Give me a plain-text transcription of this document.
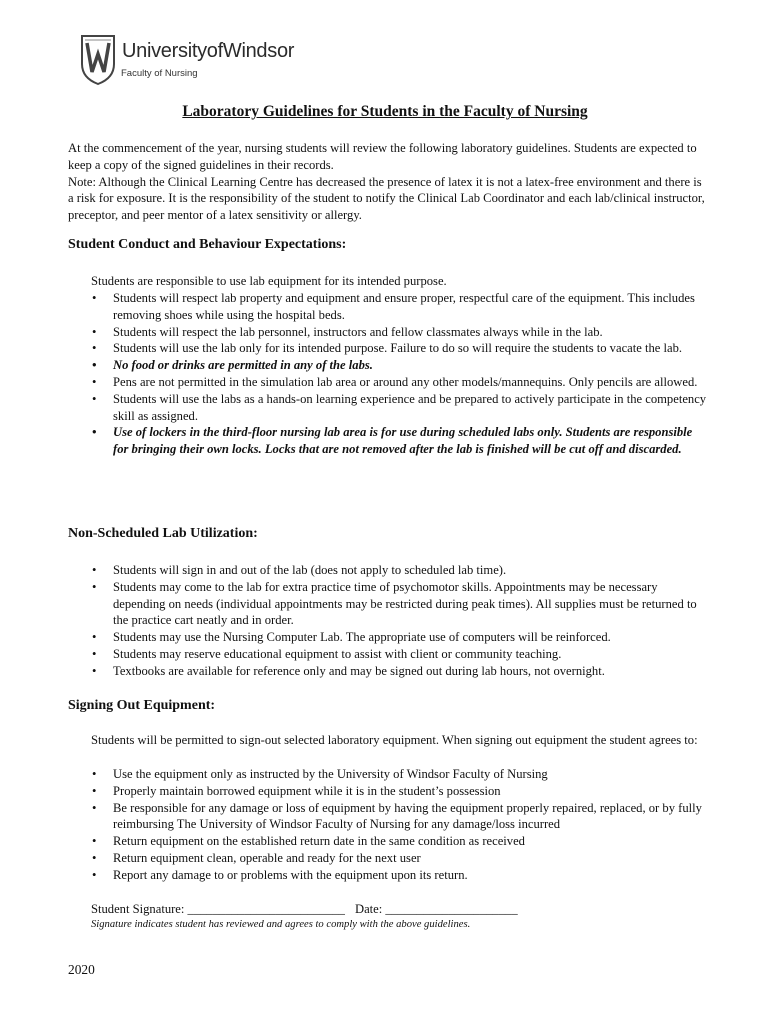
UniversityofWindsor
Faculty of Nursing
Laboratory Guidelines for Students in the Faculty of Nursing

At the commencement of the year, nursing students will review the following laboratory guidelines. Students are expected to keep a copy of the signed guidelines in their records.
Note: Although the Clinical Learning Centre has decreased the presence of latex it is not a latex-free environment and there is a risk for exposure. It is the responsibility of the student to notify the Clinical Lab Coordinator and each lab/clinical instructor, preceptor, and peer mentor of a latex sensitivity or allergy.

Student Conduct and Behaviour Expectations:

Students are responsible to use lab equipment for its intended purpose.

• Students will respect lab property and equipment and ensure proper, respectful care of the equipment. This includes removing shoes while using the hospital beds.
• Students will respect the lab personnel, instructors and fellow classmates always while in the lab.
• Students will use the lab only for its intended purpose. Failure to do so will require the students to vacate the lab.
• No food or drinks are permitted in any of the labs.
• Pens are not permitted in the simulation lab area or around any other models/mannequins. Only pencils are allowed.
• Students will use the labs as a hands-on learning experience and be prepared to actively participate in the competency skill as assigned.
• Use of lockers in the third-floor nursing lab area is for use during scheduled labs only. Students are responsible for bringing their own locks. Locks that are not removed after the lab is finished will be cut off and discarded.
Non-Scheduled Lab Utilization:
• Students will sign in and out of the lab (does not apply to scheduled lab time).
• Students may come to the lab for extra practice time of psychomotor skills. Appointments may be necessary depending on needs (individual appointments may be restricted during peak times). All supplies must be returned to the practice cart neatly and in order.
• Students may use the Nursing Computer Lab. The appropriate use of computers will be reinforced.
• Students may reserve educational equipment to assist with client or community teaching.
• Textbooks are available for reference only and may be signed out during lab hours, not overnight.
Signing Out Equipment:

Students will be permitted to sign-out selected laboratory equipment. When signing out equipment the student agrees to:

• Use the equipment only as instructed by the University of Windsor Faculty of Nursing
• Properly maintain borrowed equipment while it is in the student’s possession
• Be responsible for any damage or loss of equipment by having the equipment properly repaired, replaced, or by fully reimbursing The University of Windsor Faculty of Nursing for any damage/loss incurred
• Return equipment on the established return date in the same condition as received
• Return equipment clean, operable and ready for the next user
• Report any damage to or problems with the equipment upon its return.
Student Signature: _________________________ Date: _____________________
Signature indicates student has reviewed and agrees to comply with the above guidelines.
2020
